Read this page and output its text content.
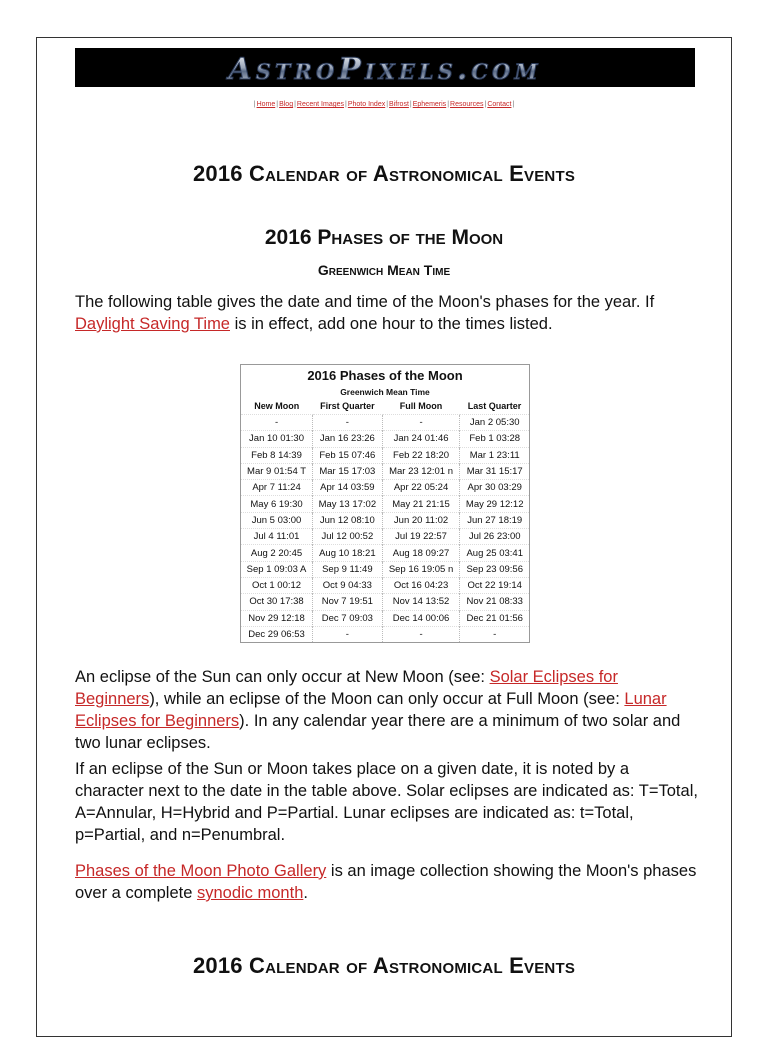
AstroPixels.com
|Home|Blog|Recent Images|Photo Index|Bifrost|Ephemeris|Resources|Contact|
2016 Calendar of Astronomical Events
2016 Phases of the Moon
Greenwich Mean Time

The following table gives the date and time of the Moon's phases for the year. If Daylight Saving Time is in effect, add one hour to the times listed.

2016 Phases of the Moon
Greenwich Mean Time
New Moon	First Quarter	Full Moon	Last Quarter
-	-	-	Jan 2 05:30
Jan 10 01:30	Jan 16 23:26	Jan 24 01:46	Feb 1 03:28
Feb 8 14:39	Feb 15 07:46	Feb 22 18:20	Mar 1 23:11
Mar 9 01:54 T	Mar 15 17:03	Mar 23 12:01 n	Mar 31 15:17
Apr 7 11:24	Apr 14 03:59	Apr 22 05:24	Apr 30 03:29
May 6 19:30	May 13 17:02	May 21 21:15	May 29 12:12
Jun 5 03:00	Jun 12 08:10	Jun 20 11:02	Jun 27 18:19
Jul 4 11:01	Jul 12 00:52	Jul 19 22:57	Jul 26 23:00
Aug 2 20:45	Aug 10 18:21	Aug 18 09:27	Aug 25 03:41
Sep 1 09:03 A	Sep 9 11:49	Sep 16 19:05 n	Sep 23 09:56
Oct 1 00:12	Oct 9 04:33	Oct 16 04:23	Oct 22 19:14
Oct 30 17:38	Nov 7 19:51	Nov 14 13:52	Nov 21 08:33
Nov 29 12:18	Dec 7 09:03	Dec 14 00:06	Dec 21 01:56
Dec 29 06:53	-	-	-

An eclipse of the Sun can only occur at New Moon (see: Solar Eclipses for Beginners), while an eclipse of the Moon can only occur at Full Moon (see: Lunar Eclipses for Beginners). In any calendar year there are a minimum of two solar and two lunar eclipses.

If an eclipse of the Sun or Moon takes place on a given date, it is noted by a character next to the date in the table above. Solar eclipses are indicated as: T=Total, A=Annular, H=Hybrid and P=Partial. Lunar eclipses are indicated as: t=Total, p=Partial, and n=Penumbral.

Phases of the Moon Photo Gallery is an image collection showing the Moon's phases over a complete synodic month.

2016 Calendar of Astronomical Events
